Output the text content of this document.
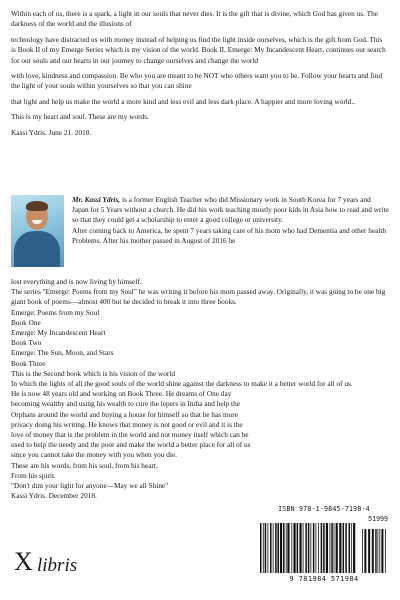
Within each of us, there is a spark, a light in our souls that never dies. It is the gift that is divine, which God has given us. The darkness of the world and the illusions of

technology have distracted us with money instead of helping us find the light inside ourselves, which is the gift from God. This is Book II of my Emerge Series which is my vision of the world. Book II, Emerge: My Incandescent Heart, continues our search for our souls and our hearts in our journey to change ourselves and change the world

with love, kindness and compassion. Be who you are meant to be NOT who others want you to be. Follow your hearts and find the light of your souls within yourselves so that you can shine

that light and help us make the world a more kind and less evil and less dark place. A happier and more loving world..

This is my heart and soul. These are my words.

Kassi Ydris. June 21. 2018.

Mr. Kassi Ydris, is a former English Teacher who did Missionary work in South Korea for 7 years and Japan for 5 Years without a church. He did his work teaching mostly poor kids in Asia how to read and write so that they could get a scholarship to enter a good college or university.

After coming back to America, he spent 7 years taking care of his mom who had Dementia and other health Problems. After his mother passed in August of 2016 he

lost everything and is now living by himself.

The series "Emerge: Poems from my Soul" he was writing it before his mom passed away. Originally, it was going to be one big giant book of poems—almost 400 but he decided to break it into three books.

Emerge: Poems from my Soul

Book One

Emerge: My Incandescent Heart

Book Two

Emerge: The Sun, Moon, and Stars

Book Three

This is the Second book which is his vision of the world

In which the lights of all the good souls of the world shine against the darkness to make it a better world for all of us.

He is now 48 years old and working on Book Three. He dreams of One day becoming wealthy and using his wealth to cure the lepers in India and help the Orphans around the world and buying a house for himself so that he has more privacy doing his writing. He knows that money is not good or evil and it is the love of money that is the problem in the world and not money itself which can be used to help the needy and the poor and make the world a better place for all of us since you cannot take the money with you when you die.

These are his words, from his soul, from his heart,

From his spirit.

"Don't dim your light for anyone—May we all Shine"

Kassi Ydris. December 2018.

ISBN 978-1-9845-7198-4
51999
9 781984 571984
X libris
